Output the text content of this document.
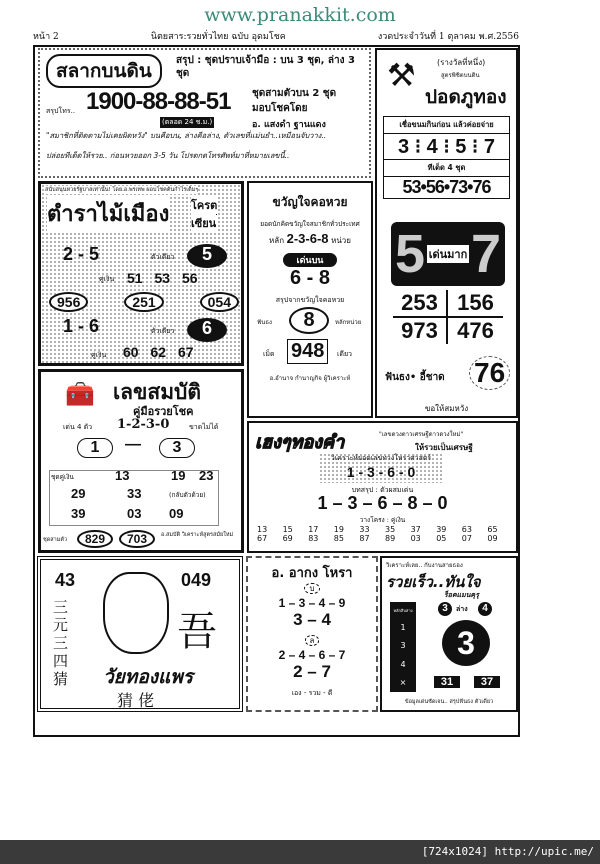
www.pranakkit.com
หน้า 2	นิตยสาร:รวยทั่วไทย ฉบับ อุดมโชค	งวดประจำวันที่ 1 ตุลาคม พ.ศ.2556
สลากบนดิน	สรุป : ชุดปราบเจ้ามือ : บน 3 ชุด, ล่าง 3 ชุด
ชุดสามตัวบน 2 ชุด
มอบโชคโดย
สรุปโทร.. 1900-88-88-51
(ตลอด 24 ช.ม.)	อ. แสงดำ ฐานแดง
"สมาชิกที่ติดตามไม่เคยผิดหวัง" บนคือบน, ล่างคือล่าง, ตัวเลขที่แม่นยำ..เหมือนจับวาง..
ปล่อยทีเด็ดให้รวย.. ก่อนหวยออก 3-5 วัน โปรดกดโทรศัพท์มาที่หมายเลขนี้..
⚒	(รางวัลที่หนึ่ง)
สูตรพิชิตบนดิน
ปอดภูทอง
เชื่อขนมกินก่อน แล้วค่อยจ่าย
3 ⁝ 4 ⁝ 5 ⁝ 7
ทีเด็ด 4 ชุด
53•56•73•76
5 เด่นมาก 7
253 156
973 476
ฟันธง• อี้ชาด 76
ขอให้สมหวัง
สนับสนุนหวยรัฐบาลเท่านั้น! โดย.อ.พรเทพ ผอบโชคต้นกำไรเต็มๆ
ตำราไม้เมือง โครต
เซียน
2 - 5	ตัวเดียว	5
คู่เงิน 51 53 56
956	251	054
1 - 6	ตัวเดียว	6
คู่เงิน 60 62 67
ขวัญใจคอหวย
ยอดนักคิดขวัญใจสมาชิกทั่วประเทศ
หลัก 2-3-6-8 หน่วย
เด่นบน
6 - 8
สรุปจากขวัญใจคอหวย
ฟันธง	8	หลักหน่วย
เม็ด 948	เดียว
อ.อำนาจ กำนาญกิจ ผู้วิเคราะห์
🧰 เลขสมบัติ
คู่มือรวยโชค
เด่น 4 ตัว 1-2-3-0	ขาดไม่ได้
1	—	3
ชุดคู่เงิน	13	19	23
29	33	(กลับตัวด้วย)
39	03 09
ชุดสามตัว	829	703	อ.สมบัติ วิเคราะห์สูตรสมัยใหม่
เฮงๆทองคำ	"เลขดวงดาวเศรษฐีดาวดวงใหม่"
ให้รวยเป็นเศรษฐี
วิเคราะห์ยอดเลขทางโหราศาสตร์
1 - 3 - 6 - 0
บทสรุป : ตัวผสมเด่น
1 – 3 – 6 – 8 – 0
วางโครง : คู่เงิน
13	15	17	19	33	35	37	39	63	65
67	69	83	85	87	89	03	05	07	09
43	049
三元三四猜
吾
วัยทองแพร
猜 佬
อ. อากง โหรา
บ
1 – 3 – 4 – 9
3 – 4
ล
2 – 4 – 6 – 7
2 – 7
เอง - รวม - ดี
วิเคราะห์เลย.. กับงานสายธอง
รวยเร็ว..ทันใจ
ร็อคแมนคุรุ
หลักสิบล่าง
1
3
4
×
3	ล่าง	4
3
31	37
ข้อมูลเด่นชัดเจน.. สรุปฟันธง ตัวเดียว
[724x1024] http://upic.me/
